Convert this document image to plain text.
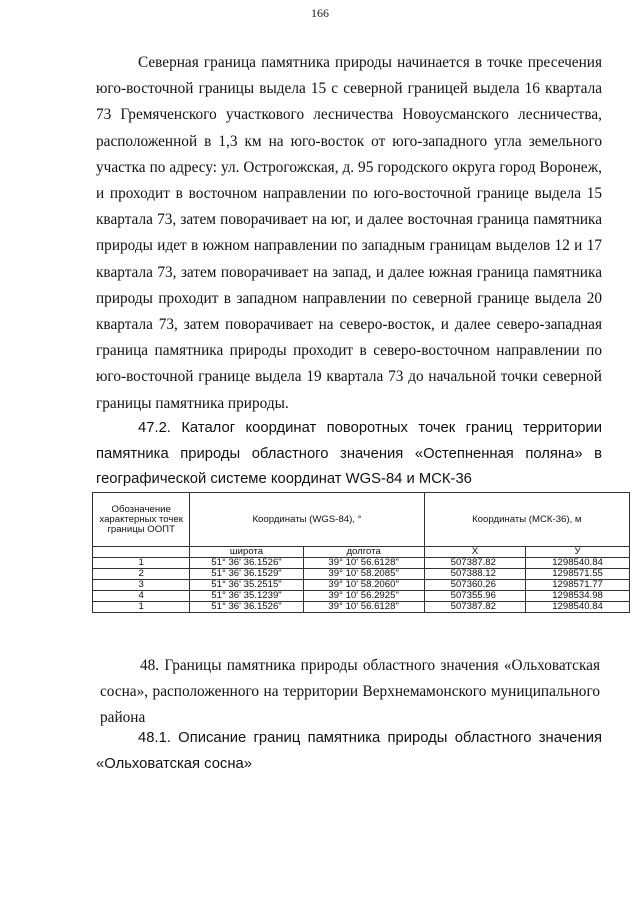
166

Северная граница памятника природы начинается в точке пресечения юго-восточной границы выдела 15 с северной границей выдела 16 квартала 73 Гремяченского участкового лесничества Новоусманского лесничества, расположенной в 1,3 км на юго-восток от юго-западного угла земельного участка по адресу: ул. Острогожская, д. 95 городского округа город Воронеж, и проходит в восточном направлении по юго-восточной границе выдела 15 квартала 73, затем поворачивает на юг, и далее восточная граница памятника природы идет в южном направлении по западным границам выделов 12 и 17 квартала 73, затем поворачивает на запад, и далее южная граница памятника природы проходит в западном направлении по северной границе выдела 20 квартала 73, затем поворачивает на северо-восток, и далее северо-западная граница памятника природы проходит в северо-восточном направлении по юго-восточной границе выдела 19 квартала 73 до начальной точки северной границы памятника природы.

47.2. Каталог координат поворотных точек границ территории памятника природы областного значения «Остепненная поляна» в географической системе координат WGS-84 и МСК-36

Обозначение характерных точек границы ООПТ	Координаты (WGS-84), °		Координаты (МСК-36), м	
	широта	долгота	X	У
1	51° 36' 36.1526"	39° 10' 56.6128"	507387.82	1298540.84
2	51° 36' 36.1529"	39° 10' 58.2085"	507388.12	1298571.55
3	51° 36' 35.2515"	39° 10' 58.2060"	507360.26	1298571.77
4	51° 36' 35.1239"	39° 10' 56.2925"	507355.96	1298534.98
1	51° 36' 36.1526"	39° 10' 56.6128"	507387.82	1298540.84

48. Границы памятника природы областного значения «Ольховатская сосна», расположенного на территории Верхнемамонского муниципального района

48.1. Описание границ памятника природы областного значения «Ольховатская сосна»
